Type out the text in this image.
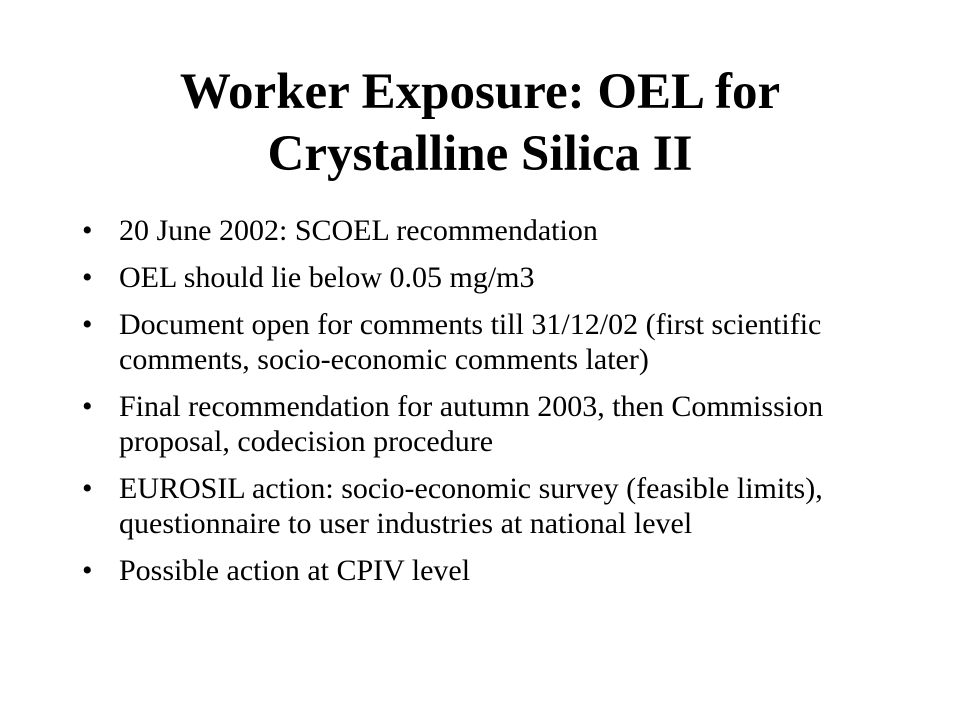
Worker Exposure: OEL for Crystalline Silica II
• 20 June 2002: SCOEL recommendation
• OEL should lie below 0.05 mg/m3
• Document open for comments till 31/12/02 (first scientific comments, socio-economic comments later)
• Final recommendation for autumn 2003, then Commission proposal, codecision procedure
• EUROSIL action: socio-economic survey (feasible limits), questionnaire to user industries at national level
• Possible action at CPIV level
